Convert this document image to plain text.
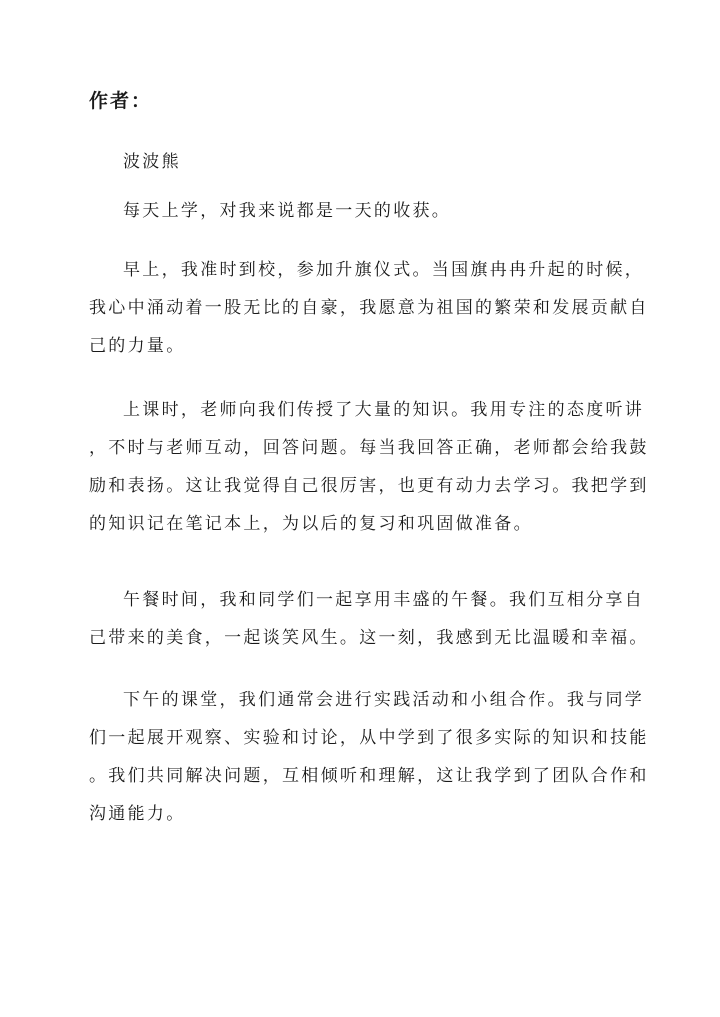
作者：

波波熊

每天上学，对我来说都是一天的收获。

早上，我准时到校，参加升旗仪式。当国旗冉冉升起的时候，
我心中涌动着一股无比的自豪，我愿意为祖国的繁荣和发展贡献自
己的力量。

上课时，老师向我们传授了大量的知识。我用专注的态度听讲
，不时与老师互动，回答问题。每当我回答正确，老师都会给我鼓
励和表扬。这让我觉得自己很厉害，也更有动力去学习。我把学到
的知识记在笔记本上，为以后的复习和巩固做准备。

午餐时间，我和同学们一起享用丰盛的午餐。我们互相分享自
己带来的美食，一起谈笑风生。这一刻，我感到无比温暖和幸福。

下午的课堂，我们通常会进行实践活动和小组合作。我与同学
们一起展开观察、实验和讨论，从中学到了很多实际的知识和技能
。我们共同解决问题，互相倾听和理解，这让我学到了团队合作和
沟通能力。
